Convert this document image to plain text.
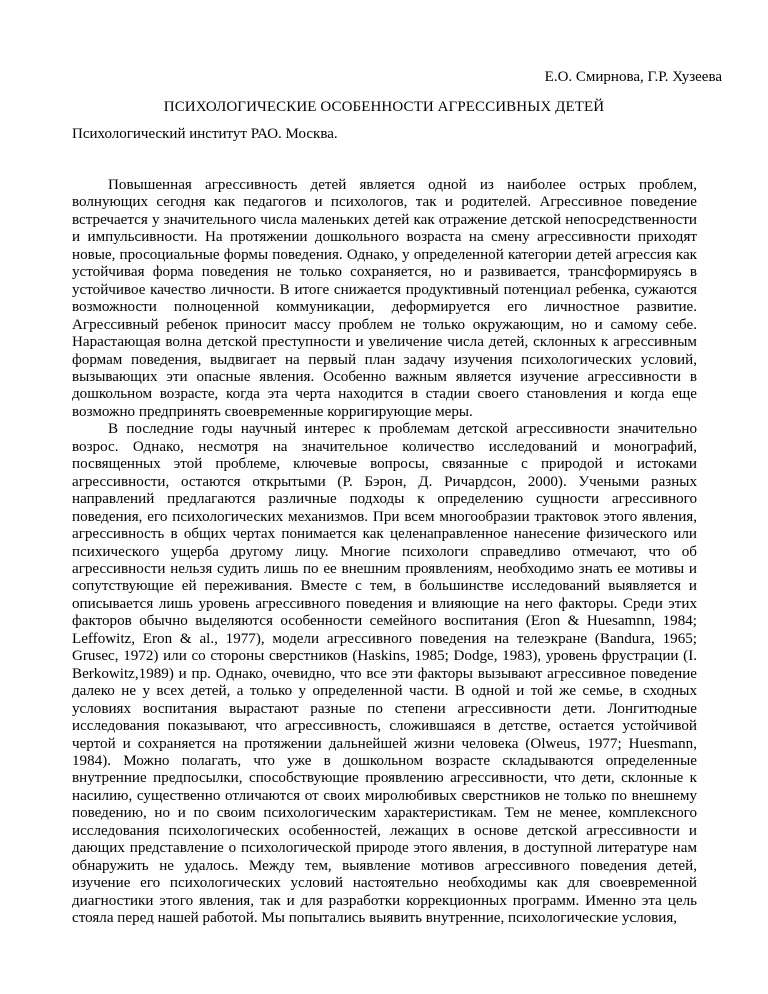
Е.О. Смирнова, Г.Р. Хузеева

ПСИХОЛОГИЧЕСКИЕ ОСОБЕННОСТИ АГРЕССИВНЫХ ДЕТЕЙ

Психологический институт РАО. Москва.

Повышенная агрессивность детей является одной из наиболее острых проблем, волнующих сегодня как педагогов и психологов, так и родителей. Агрессивное поведение встречается у значительного числа маленьких детей как отражение детской непосредственности и импульсивности. На протяжении дошкольного возраста на смену агрессивности приходят новые, просоциальные формы поведения. Однако, у определенной категории детей агрессия как устойчивая форма поведения не только сохраняется, но и развивается, трансформируясь в устойчивое качество личности. В итоге снижается продуктивный потенциал ребенка, сужаются возможности полноценной коммуникации, деформируется его личностное развитие. Агрессивный ребенок приносит массу проблем не только окружающим, но и самому себе. Нарастающая волна детской преступности и увеличение числа детей, склонных к агрессивным формам поведения, выдвигает на первый план задачу изучения психологических условий, вызывающих эти опасные явления. Особенно важным является изучение агрессивности в дошкольном возрасте, когда эта черта находится в стадии своего становления и когда еще возможно предпринять своевременные корригирующие меры.

В последние годы научный интерес к проблемам детской агрессивности значительно возрос. Однако, несмотря на значительное количество исследований и монографий, посвященных этой проблеме, ключевые вопросы, связанные с природой и истоками агрессивности, остаются открытыми (Р. Бэрон, Д. Ричардсон, 2000). Учеными разных направлений предлагаются различные подходы к определению сущности агрессивного поведения, его психологических механизмов. При всем многообразии трактовок этого явления, агрессивность в общих чертах понимается как целенаправленное нанесение физического или психического ущерба другому лицу. Многие психологи справедливо отмечают, что об агрессивности нельзя судить лишь по ее внешним проявлениям, необходимо знать ее мотивы и сопутствующие ей переживания. Вместе с тем, в большинстве исследований выявляется и описывается лишь уровень агрессивного поведения и влияющие на него факторы. Среди этих факторов обычно выделяются особенности семейного воспитания (Eron & Huesamnn, 1984; Leffowitz, Eron & al., 1977), модели агрессивного поведения на телеэкране (Bandura, 1965; Grusec, 1972) или со стороны сверстников (Haskins, 1985; Dodge, 1983), уровень фрустрации (I. Berkowitz,1989) и пр. Однако, очевидно, что все эти факторы вызывают агрессивное поведение далеко не у всех детей, а только у определенной части. В одной и той же семье, в сходных условиях воспитания вырастают разные по степени агрессивности дети. Лонгитюдные исследования показывают, что агрессивность, сложившаяся в детстве, остается устойчивой чертой и сохраняется на протяжении дальнейшей жизни человека (Olweus, 1977; Huesmann, 1984). Можно полагать, что уже в дошкольном возрасте складываются определенные внутренние предпосылки, способствующие проявлению агрессивности, что дети, склонные к насилию, существенно отличаются от своих миролюбивых сверстников не только по внешнему поведению, но и по своим психологическим характеристикам. Тем не менее, комплексного исследования психологических особенностей, лежащих в основе детской агрессивности и дающих представление о психологической природе этого явления, в доступной литературе нам обнаружить не удалось. Между тем, выявление мотивов агрессивного поведения детей, изучение его психологических условий настоятельно необходимы как для своевременной диагностики этого явления, так и для разработки коррекционных программ. Именно эта цель стояла перед нашей работой. Мы попытались выявить внутренние, психологические условия,
